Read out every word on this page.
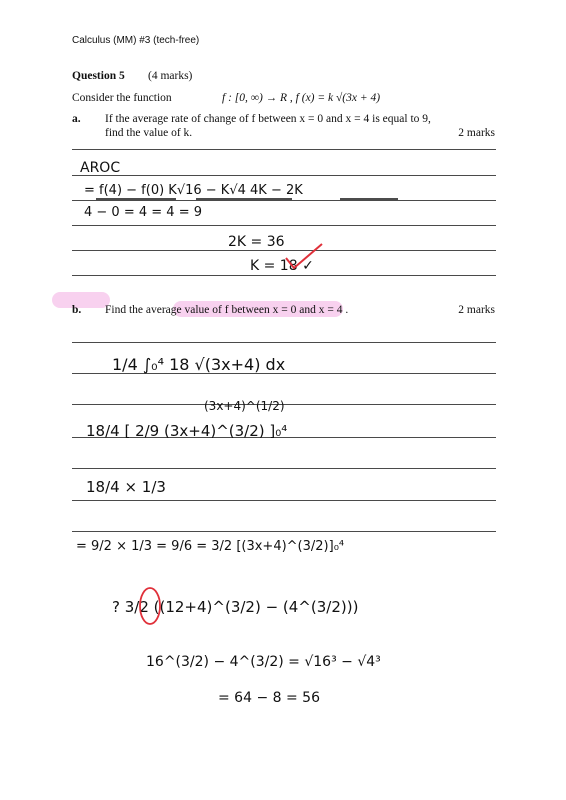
Calculus (MM) #3 (tech-free)
Question 5 (4 marks)
Consider the function	f : [0, ∞) → R , f (x) = k √(3x + 4)
a. If the average rate of change of f between x = 0 and x = 4 is equal to 9,
find the value of k.	2 marks
b. Find the average value of f between x = 0 and x = 4 .	2 marks
AROC
= f(4) − f(0) K√16 − K√4 4K − 2K
4 − 0 = 4 = 4 = 9
2K = 36
K = 18 ✓
1/4 ∫₀⁴ 18 √(3x+4) dx
(3x+4)^(1/2)
18/4 [ 2/9 (3x+4)^(3/2) ]₀⁴
18/4 × 1/3
= 9/2 × 1/3 = 9/6 = 3/2 [(3x+4)^(3/2)]₀⁴
? 3/2 ((12+4)^(3/2) − (4^(3/2)))
16^(3/2) − 4^(3/2) = √16³ − √4³
= 64 − 8 = 56
